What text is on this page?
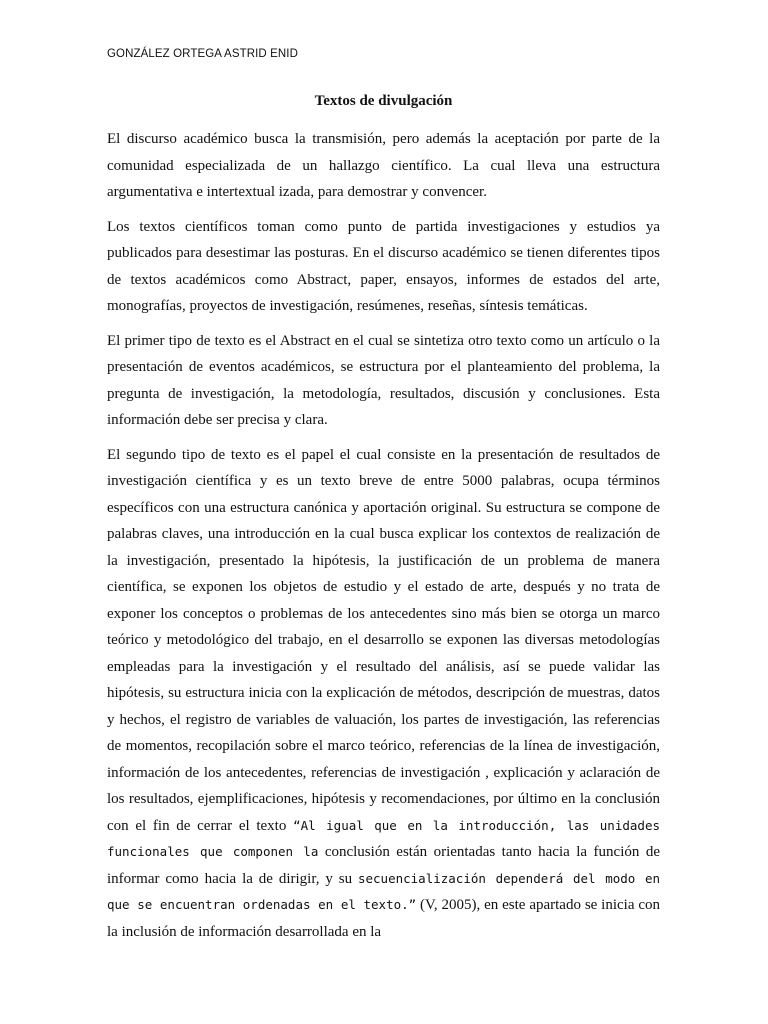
GONZÁLEZ ORTEGA ASTRID ENID
Textos de divulgación

El discurso académico busca la transmisión, pero además la aceptación por parte de la comunidad especializada de un hallazgo científico. La cual lleva una estructura argumentativa e intertextual izada, para demostrar y convencer.

Los textos científicos toman como punto de partida investigaciones y estudios ya publicados para desestimar las posturas. En el discurso académico se tienen diferentes tipos de textos académicos como Abstract, paper, ensayos, informes de estados del arte, monografías, proyectos de investigación, resúmenes, reseñas, síntesis temáticas.

El primer tipo de texto es el Abstract en el cual se sintetiza otro texto como un artículo o la presentación de eventos académicos, se estructura por el planteamiento del problema, la pregunta de investigación, la metodología, resultados, discusión y conclusiones. Esta información debe ser precisa y clara.

El segundo tipo de texto es el papel el cual consiste en la presentación de resultados de investigación científica y es un texto breve de entre 5000 palabras, ocupa términos específicos con una estructura canónica y aportación original. Su estructura se compone de palabras claves, una introducción en la cual busca explicar los contextos de realización de la investigación, presentado la hipótesis, la justificación de un problema de manera científica, se exponen los objetos de estudio y el estado de arte, después y no trata de exponer los conceptos o problemas de los antecedentes sino más bien se otorga un marco teórico y metodológico del trabajo, en el desarrollo se exponen las diversas metodologías empleadas para la investigación y el resultado del análisis, así se puede validar las hipótesis, su estructura inicia con la explicación de métodos, descripción de muestras, datos y hechos, el registro de variables de valuación, los partes de investigación, las referencias de momentos, recopilación sobre el marco teórico, referencias de la línea de investigación, información de los antecedentes, referencias de investigación , explicación y aclaración de los resultados, ejemplificaciones, hipótesis y recomendaciones, por último en la conclusión con el fin de cerrar el texto “Al igual que en la introducción, las unidades funcionales que componen la conclusión están orientadas tanto hacia la función de informar como hacia la de dirigir, y su secuencialización dependerá del modo en que se encuentran ordenadas en el texto.” (V, 2005), en este apartado se inicia con la inclusión de información desarrollada en la
